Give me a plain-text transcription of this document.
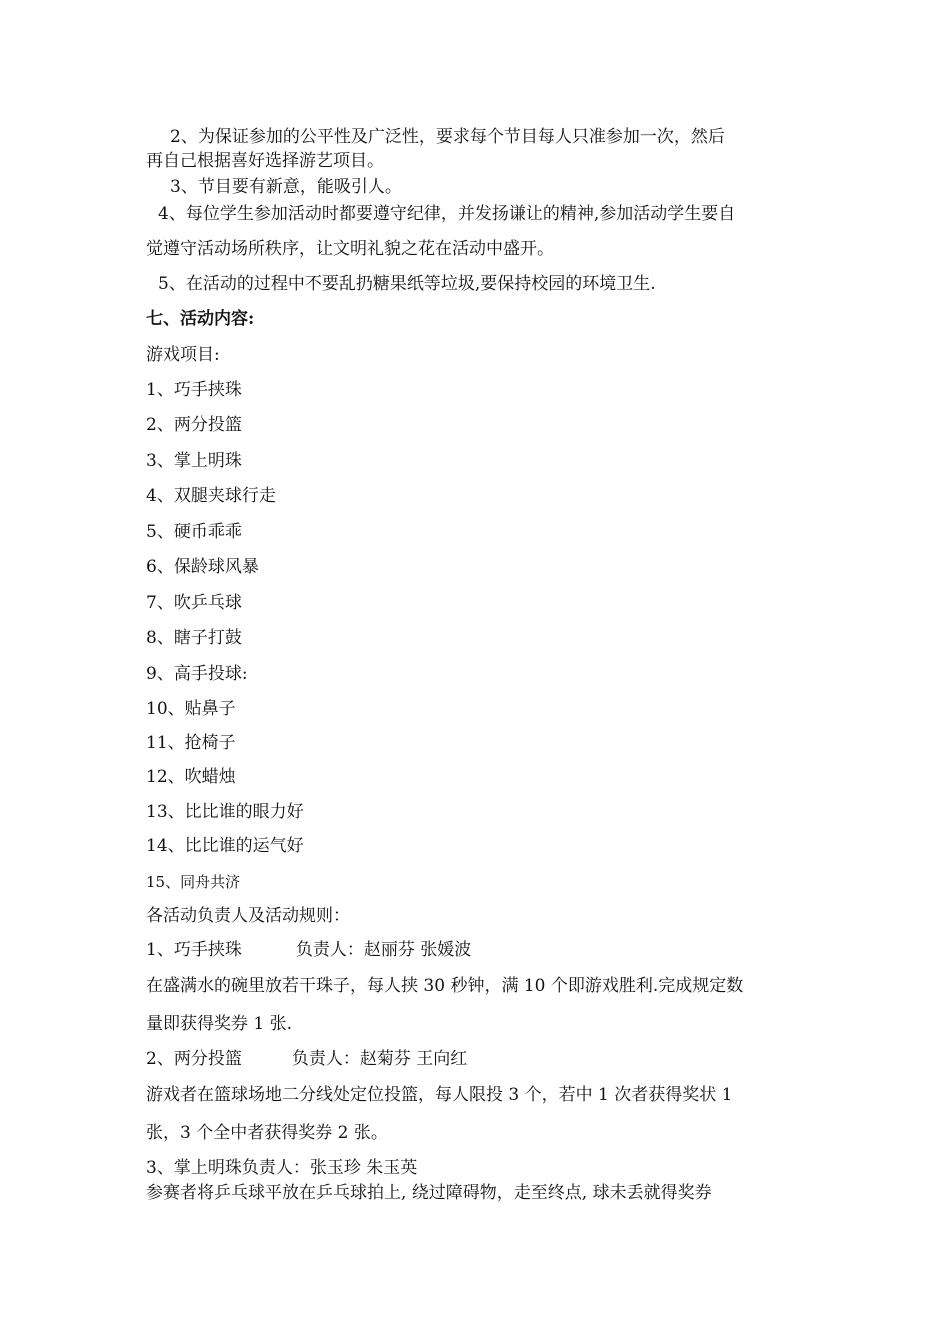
2、为保证参加的公平性及广泛性，要求每个节目每人只准参加一次，然后
再自己根据喜好选择游艺项目。
3、节目要有新意，能吸引人。
4、每位学生参加活动时都要遵守纪律，并发扬谦让的精神,参加活动学生要自
觉遵守活动场所秩序，让文明礼貌之花在活动中盛开。
5、在活动的过程中不要乱扔糖果纸等垃圾,要保持校园的环境卫生.
七、活动内容:
游戏项目:
1、巧手挟珠
2、两分投篮
3、掌上明珠
4、双腿夹球行走
5、硬币乖乖
6、保龄球风暴
7、吹乒乓球
8、瞎子打鼓
9、高手投球:
10、贴鼻子
11、抢椅子
12、吹蜡烛
13、比比谁的眼力好
14、比比谁的运气好
15、同舟共济
各活动负责人及活动规则：
1、巧手挟珠	负责人：赵丽芬 张媛波
在盛满水的碗里放若干珠子，每人挟 30 秒钟，满 10 个即游戏胜利.完成规定数
量即获得奖券 1 张.
2、两分投篮	负责人：赵菊芬 王向红
游戏者在篮球场地二分线处定位投篮，每人限投 3 个，若中 1 次者获得奖状 1
张，3 个全中者获得奖券 2 张。
3、掌上明珠负责人：张玉珍 朱玉英
参赛者将乒乓球平放在乒乓球拍上, 绕过障碍物，走至终点, 球未丢就得奖券
